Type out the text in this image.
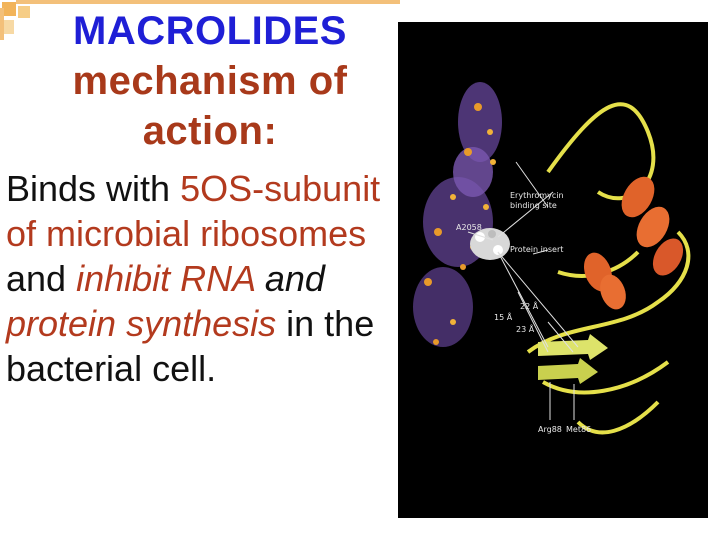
MACROLIDES
mechanism of action:
Binds with 5OS-subunit of microbial ribosomes and inhibit RNA and protein synthesis in the bacterial cell.
Erythromycin
binding site
A2058
Protein insert
22 Å
15 Å
23 Å
Arg88 Met86
